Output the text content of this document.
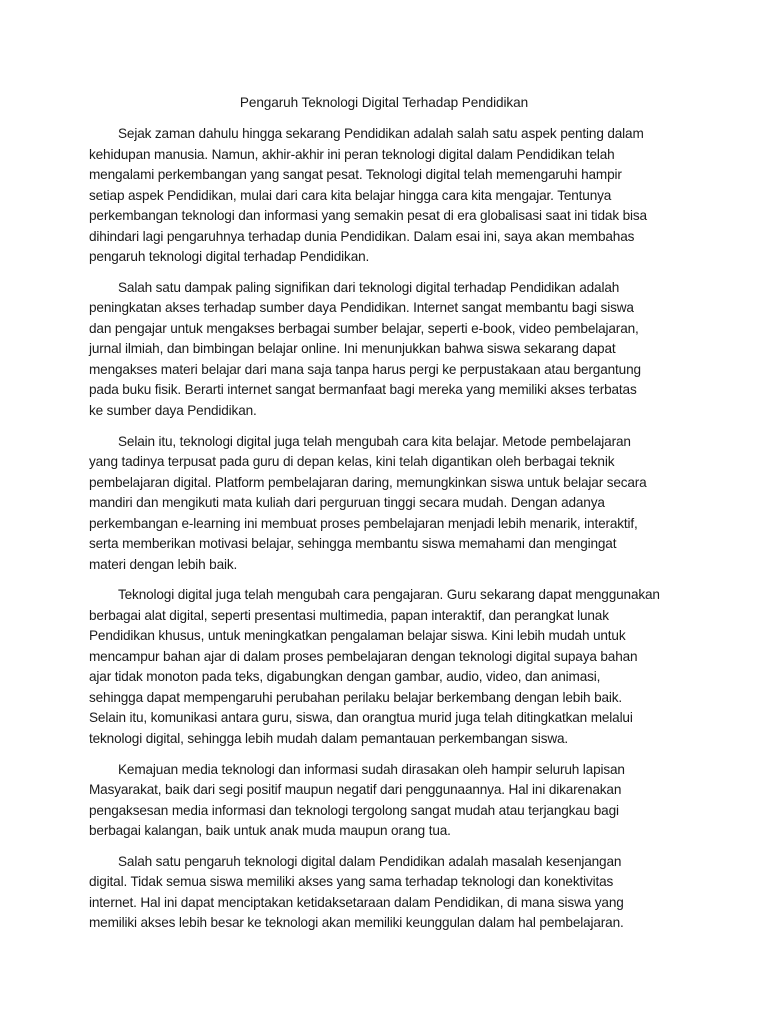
Pengaruh Teknologi Digital Terhadap Pendidikan

Sejak zaman dahulu hingga sekarang Pendidikan adalah salah satu aspek penting dalam
kehidupan manusia. Namun, akhir-akhir ini peran teknologi digital dalam Pendidikan telah
mengalami perkembangan yang sangat pesat. Teknologi digital telah memengaruhi hampir
setiap aspek Pendidikan, mulai dari cara kita belajar hingga cara kita mengajar. Tentunya
perkembangan teknologi dan informasi yang semakin pesat di era globalisasi saat ini tidak bisa
dihindari lagi pengaruhnya terhadap dunia Pendidikan. Dalam esai ini, saya akan membahas
pengaruh teknologi digital terhadap Pendidikan.

Salah satu dampak paling signifikan dari teknologi digital terhadap Pendidikan adalah
peningkatan akses terhadap sumber daya Pendidikan. Internet sangat membantu bagi siswa
dan pengajar untuk mengakses berbagai sumber belajar, seperti e-book, video pembelajaran,
jurnal ilmiah, dan bimbingan belajar online. Ini menunjukkan bahwa siswa sekarang dapat
mengakses materi belajar dari mana saja tanpa harus pergi ke perpustakaan atau bergantung
pada buku fisik. Berarti internet sangat bermanfaat bagi mereka yang memiliki akses terbatas
ke sumber daya Pendidikan.

Selain itu, teknologi digital juga telah mengubah cara kita belajar. Metode pembelajaran
yang tadinya terpusat pada guru di depan kelas, kini telah digantikan oleh berbagai teknik
pembelajaran digital. Platform pembelajaran daring, memungkinkan siswa untuk belajar secara
mandiri dan mengikuti mata kuliah dari perguruan tinggi secara mudah. Dengan adanya
perkembangan e-learning ini membuat proses pembelajaran menjadi lebih menarik, interaktif,
serta memberikan motivasi belajar, sehingga membantu siswa memahami dan mengingat
materi dengan lebih baik.

Teknologi digital juga telah mengubah cara pengajaran. Guru sekarang dapat menggunakan
berbagai alat digital, seperti presentasi multimedia, papan interaktif, dan perangkat lunak
Pendidikan khusus, untuk meningkatkan pengalaman belajar siswa. Kini lebih mudah untuk
mencampur bahan ajar di dalam proses pembelajaran dengan teknologi digital supaya bahan
ajar tidak monoton pada teks, digabungkan dengan gambar, audio, video, dan animasi,
sehingga dapat mempengaruhi perubahan perilaku belajar berkembang dengan lebih baik.
Selain itu, komunikasi antara guru, siswa, dan orangtua murid juga telah ditingkatkan melalui
teknologi digital, sehingga lebih mudah dalam pemantauan perkembangan siswa.

Kemajuan media teknologi dan informasi sudah dirasakan oleh hampir seluruh lapisan
Masyarakat, baik dari segi positif maupun negatif dari penggunaannya. Hal ini dikarenakan
pengaksesan media informasi dan teknologi tergolong sangat mudah atau terjangkau bagi
berbagai kalangan, baik untuk anak muda maupun orang tua.

Salah satu pengaruh teknologi digital dalam Pendidikan adalah masalah kesenjangan
digital. Tidak semua siswa memiliki akses yang sama terhadap teknologi dan konektivitas
internet. Hal ini dapat menciptakan ketidaksetaraan dalam Pendidikan, di mana siswa yang
memiliki akses lebih besar ke teknologi akan memiliki keunggulan dalam hal pembelajaran.
